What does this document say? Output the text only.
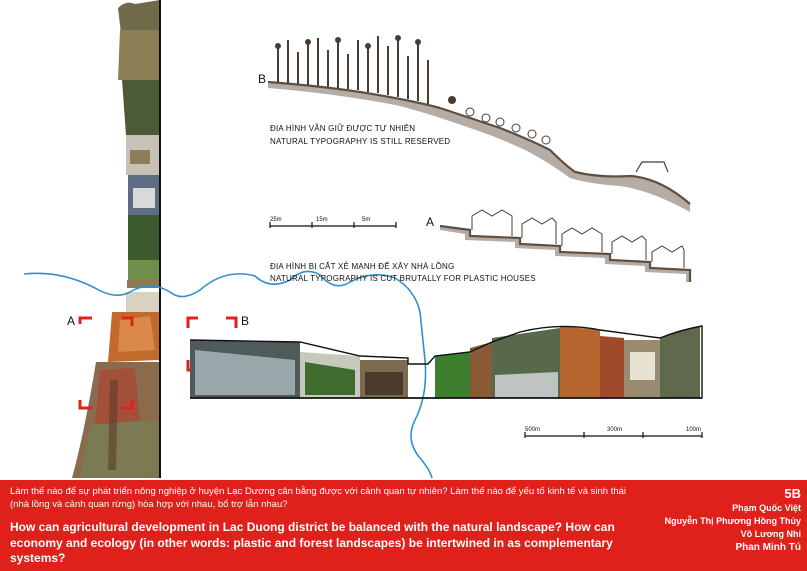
B
ĐỊA HÌNH VẪN GIỮ ĐƯỢC TỰ NHIÊN
NATURAL TYPOGRAPHY IS STILL RESERVED
25m	15m	5m	A
ĐỊA HÌNH BỊ CẮT XẺ MẠNH ĐỂ XÂY NHÀ LỒNG
NATURAL TYPOGRAPHY IS CUT BRUTALLY FOR PLASTIC HOUSES
A	B
500m	300m	100m
Làm thế nào để sự phát triển nông nghiệp ở huyện Lạc Dương cân bằng được với cảnh quan tự nhiên? Làm thế nào để yếu tố kinh tế và sinh thái (nhà lồng và cảnh quan rừng) hòa hợp với nhau, bổ trợ lẫn nhau?
How can agricultural development in Lac Duong district be balanced with the natural landscape? How can economy and ecology (in other words: plastic and forest landscapes) be intertwined in as complementary systems?
5B
Phạm Quốc Việt
Nguyễn Thị Phương Hồng Thủy
Võ Lương Nhi
Phan Minh Tú
